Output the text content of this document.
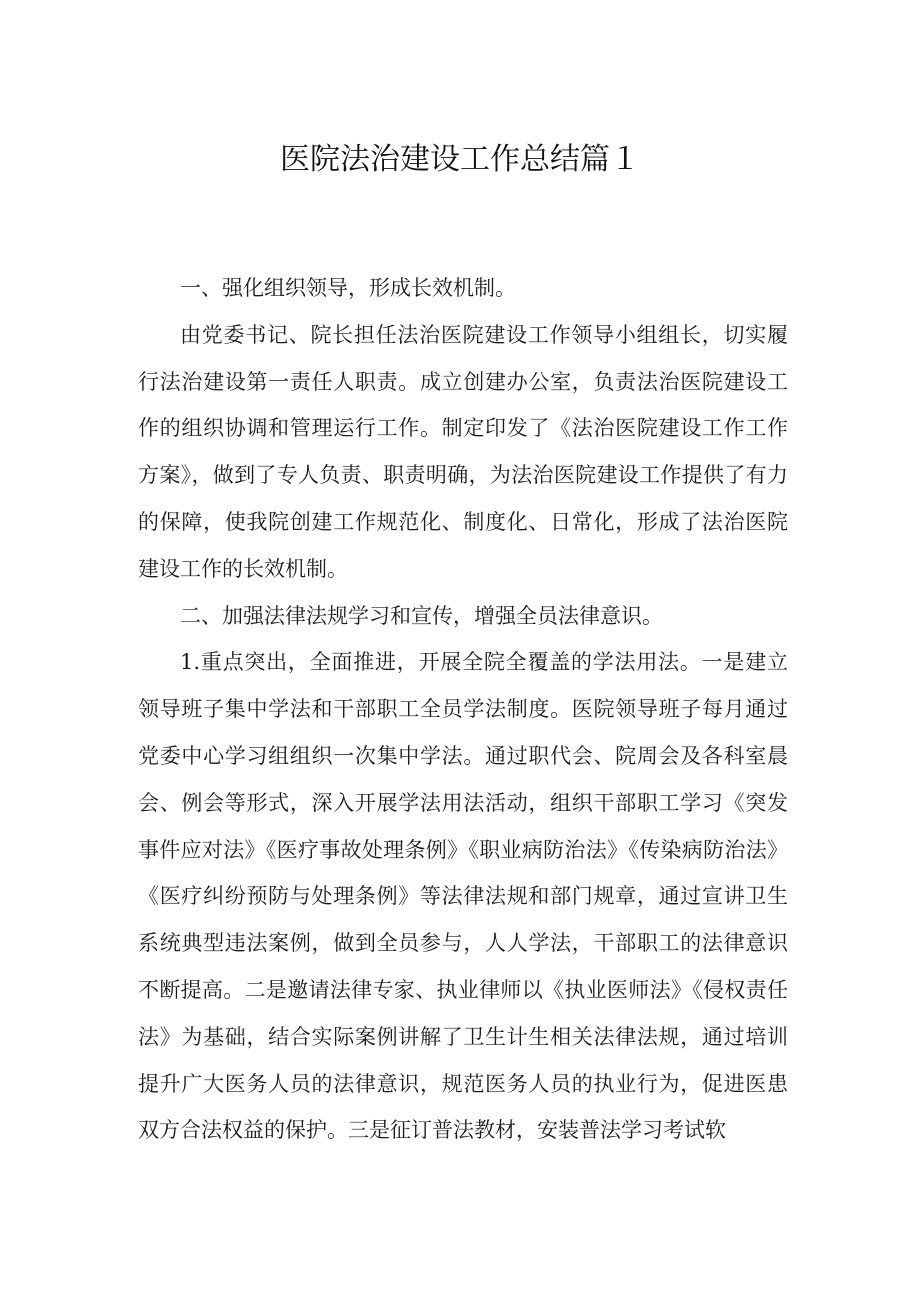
医院法治建设工作总结篇１

一、强化组织领导，形成长效机制。

由党委书记、院长担任法治医院建设工作领导小组组长，切实履行法治建设第一责任人职责。成立创建办公室，负责法治医院建设工作的组织协调和管理运行工作。制定印发了《法治医院建设工作工作方案》，做到了专人负责、职责明确，为法治医院建设工作提供了有力的保障，使我院创建工作规范化、制度化、日常化，形成了法治医院建设工作的长效机制。

二、加强法律法规学习和宣传，增强全员法律意识。

1.重点突出，全面推进，开展全院全覆盖的学法用法。一是建立领导班子集中学法和干部职工全员学法制度。医院领导班子每月通过党委中心学习组组织一次集中学法。通过职代会、院周会及各科室晨会、例会等形式，深入开展学法用法活动，组织干部职工学习《突发事件应对法》《医疗事故处理条例》《职业病防治法》《传染病防治法》《医疗纠纷预防与处理条例》等法律法规和部门规章，通过宣讲卫生系统典型违法案例，做到全员参与，人人学法，干部职工的法律意识不断提高。二是邀请法律专家、执业律师以《执业医师法》《侵权责任法》为基础，结合实际案例讲解了卫生计生相关法律法规，通过培训提升广大医务人员的法律意识，规范医务人员的执业行为，促进医患双方合法权益的保护。三是征订普法教材，安装普法学习考试软
